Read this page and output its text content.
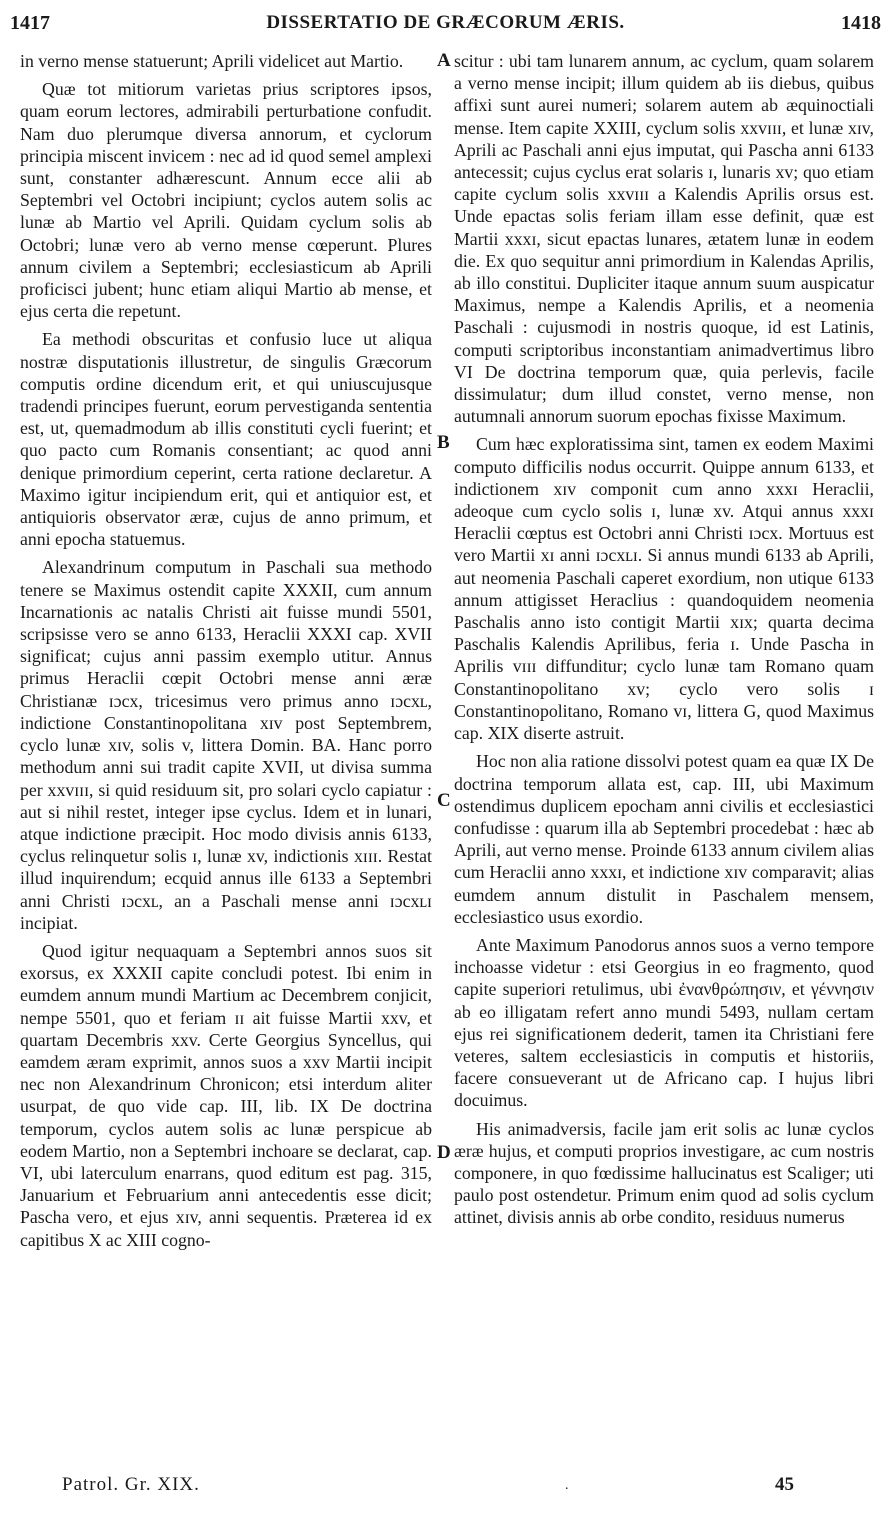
1417	DISSERTATIO DE GRÆCORUM ÆRIS.	1418

in verno mense statuerunt; Aprili videlicet aut Martio.

Quæ tot mitiorum varietas prius scriptores ipsos, quam eorum lectores, admirabili perturbatione confudit. Nam duo plerumque diversa annorum, et cyclorum principia miscent invicem : nec ad id quod semel amplexi sunt, constanter adhærescunt. Annum ecce alii ab Septembri vel Octobri incipiunt; cyclos autem solis ac lunæ ab Martio vel Aprili. Quidam cyclum solis ab Octobri; lunæ vero ab verno mense cœperunt. Plures annum civilem a Septembri; ecclesiasticum ab Aprili proficisci jubent; hunc etiam aliqui Martio ab mense, et ejus certa die repetunt.

Ea methodi obscuritas et confusio luce ut aliqua nostræ disputationis illustretur, de singulis Græcorum computis ordine dicendum erit, et qui uniuscujusque tradendi principes fuerunt, eorum pervestiganda sententia est, ut, quemadmodum ab illis constituti cycli fuerint; et quo pacto cum Romanis consentiant; ac quod anni denique primordium ceperint, certa ratione declaretur. A Maximo igitur incipiendum erit, qui et antiquior est, et antiquioris observator æræ, cujus de anno primum, et anni epocha statuemus.

Alexandrinum computum in Paschali sua methodo tenere se Maximus ostendit capite XXXII, cum annum Incarnationis ac natalis Christi ait fuisse mundi 5501, scripsisse vero se anno 6133, Heraclii XXXI cap. XVII significat; cujus anni passim exemplo utitur. Annus primus Heraclii cœpit Octobri mense anni æræ Christianæ ɪɔcx, tricesimus vero primus anno ɪɔcxʟ, indictione Constantinopolitana xɪv post Septembrem, cyclo lunæ xɪv, solis v, littera Domin. BA. Hanc porro methodum anni sui tradit capite XVII, ut divisa summa per xxvɪɪɪ, si quid residuum sit, pro solari cyclo capiatur : aut si nihil restet, integer ipse cyclus. Idem et in lunari, atque indictione præcipit. Hoc modo divisis annis 6133, cyclus relinquetur solis ɪ, lunæ xv, indictionis xɪɪɪ. Restat illud inquirendum; ecquid annus ille 6133 a Septembri anni Christi ɪɔcxʟ, an a Paschali mense anni ɪɔcxʟɪ incipiat.

Quod igitur nequaquam a Septembri annos suos sit exorsus, ex XXXII capite concludi potest. Ibi enim in eumdem annum mundi Martium ac Decembrem conjicit, nempe 5501, quo et feriam ɪɪ ait fuisse Martii xxv, et quartam Decembris xxv. Certe Georgius Syncellus, qui eamdem æram exprimit, annos suos a xxv Martii incipit nec non Alexandrinum Chronicon; etsi interdum aliter usurpat, de quo vide cap. III, lib. IX De doctrina temporum, cyclos autem solis ac lunæ perspicue ab eodem Martio, non a Septembri inchoare se declarat, cap. VI, ubi laterculum enarrans, quod editum est pag. 315, Januarium et Februarium anni antecedentis esse dicit; Pascha vero, et ejus xɪv, anni sequentis. Præterea id ex capitibus X ac XIII cogno-

scitur : ubi tam lunarem annum, ac cyclum, quam solarem a verno mense incipit; illum quidem ab iis diebus, quibus affixi sunt aurei numeri; solarem autem ab æquinoctiali mense. Item capite XXIII, cyclum solis xxvɪɪɪ, et lunæ xɪv, Aprili ac Paschali anni ejus imputat, qui Pascha anni 6133 antecessit; cujus cyclus erat solaris ɪ, lunaris xv; quo etiam capite cyclum solis xxvɪɪɪ a Kalendis Aprilis orsus est. Unde epactas solis feriam illam esse definit, quæ est Martii xxxɪ, sicut epactas lunares, ætatem lunæ in eodem die. Ex quo sequitur anni primordium in Kalendas Aprilis, ab illo constitui. Dupliciter itaque annum suum auspicatur Maximus, nempe a Kalendis Aprilis, et a neomenia Paschali : cujusmodi in nostris quoque, id est Latinis, computi scriptoribus inconstantiam animadvertimus libro VI De doctrina temporum quæ, quia perlevis, facile dissimulatur; dum illud constet, verno mense, non autumnali annorum suorum epochas fixisse Maximum.

Cum hæc exploratissima sint, tamen ex eodem Maximi computo difficilis nodus occurrit. Quippe annum 6133, et indictionem xɪv componit cum anno xxxɪ Heraclii, adeoque cum cyclo solis ɪ, lunæ xv. Atqui annus xxxɪ Heraclii cœptus est Octobri anni Christi ɪɔcx. Mortuus est vero Martii xɪ anni ɪɔcxʟɪ. Si annus mundi 6133 ab Aprili, aut neomenia Paschali caperet exordium, non utique 6133 annum attigisset Heraclius : quandoquidem neomenia Paschalis anno isto contigit Martii xɪx; quarta decima Paschalis Kalendis Aprilibus, feria ɪ. Unde Pascha in Aprilis vɪɪɪ diffunditur; cyclo lunæ tam Romano quam Constantinopolitano xv; cyclo vero solis ɪ Constantinopolitano, Romano vɪ, littera G, quod Maximus cap. XIX diserte astruit.

Hoc non alia ratione dissolvi potest quam ea quæ IX De doctrina temporum allata est, cap. III, ubi Maximum ostendimus duplicem epocham anni civilis et ecclesiastici confudisse : quarum illa ab Septembri procedebat : hæc ab Aprili, aut verno mense. Proinde 6133 annum civilem alias cum Heraclii anno xxxɪ, et indictione xɪv comparavit; alias eumdem annum distulit in Paschalem mensem, ecclesiastico usus exordio.

Ante Maximum Panodorus annos suos a verno tempore inchoasse videtur : etsi Georgius in eo fragmento, quod capite superiori retulimus, ubi ἐνανθρώπησιν, et γέννησιν ab eo illigatam refert anno mundi 5493, nullam certam ejus rei significationem dederit, tamen ita Christiani fere veteres, saltem ecclesiasticis in computis et historiis, facere consueverant ut de Africano cap. I hujus libri docuimus.

His animadversis, facile jam erit solis ac lunæ cyclos æræ hujus, et computi proprios investigare, ac cum nostris componere, in quo fœdissime hallucinatus est Scaliger; uti paulo post ostendetur. Primum enim quod ad solis cyclum attinet, divisis annis ab orbe condito, residuus numerus

A
B
C
D
Patrol. Gr. XIX.	.	45
